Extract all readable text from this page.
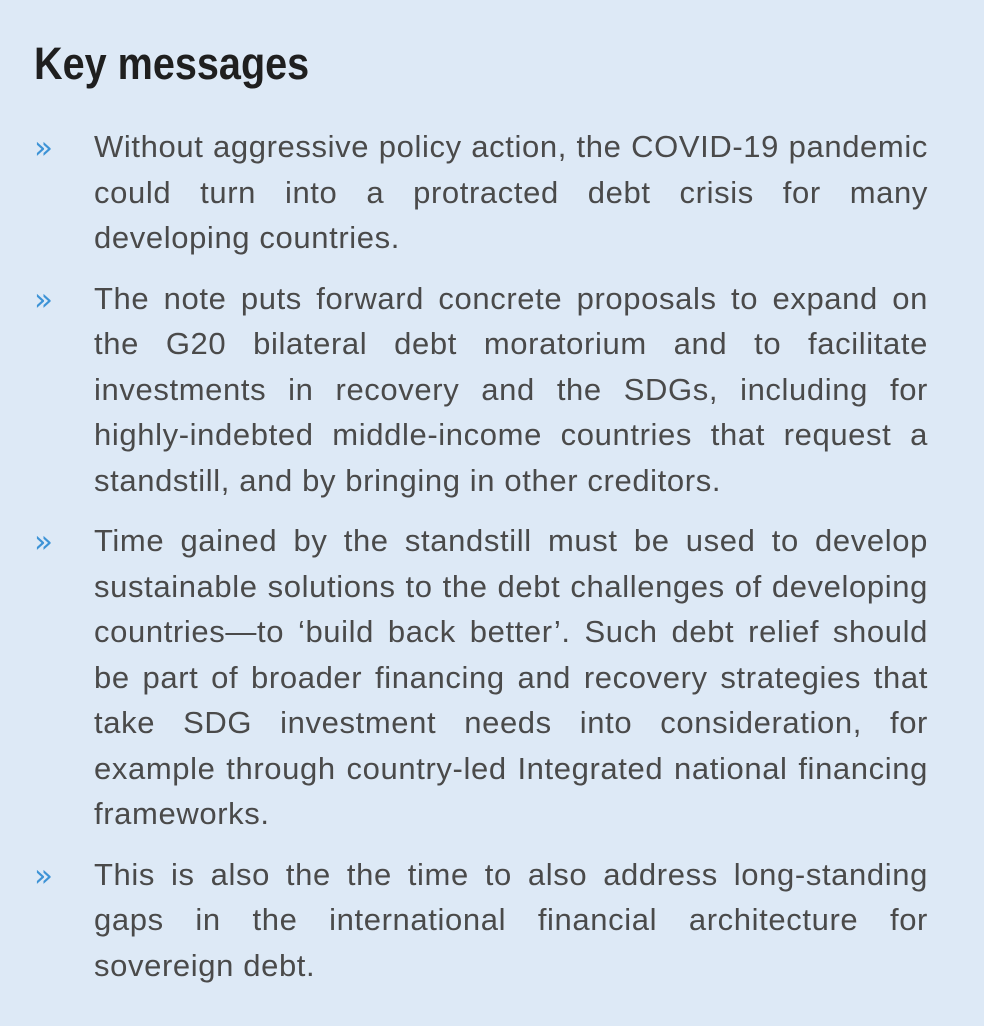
Key messages
»	Without aggressive policy action, the COVID-19 pandemic could turn into a protracted debt crisis for many developing countries.

»	The note puts forward concrete proposals to expand on the G20 bilateral debt moratorium and to facilitate investments in recovery and the SDGs, including for highly-indebted middle-income countries that request a standstill, and by bringing in other creditors.

»	Time gained by the standstill must be used to develop sustainable solutions to the debt challenges of developing countries—to ‘build back better’. Such debt relief should be part of broader financing and recovery strategies that take SDG investment needs into consideration, for example through country-led Integrated national financing frameworks.

»	This is also the the time to also address long-standing gaps in the international financial architecture for sovereign debt.
